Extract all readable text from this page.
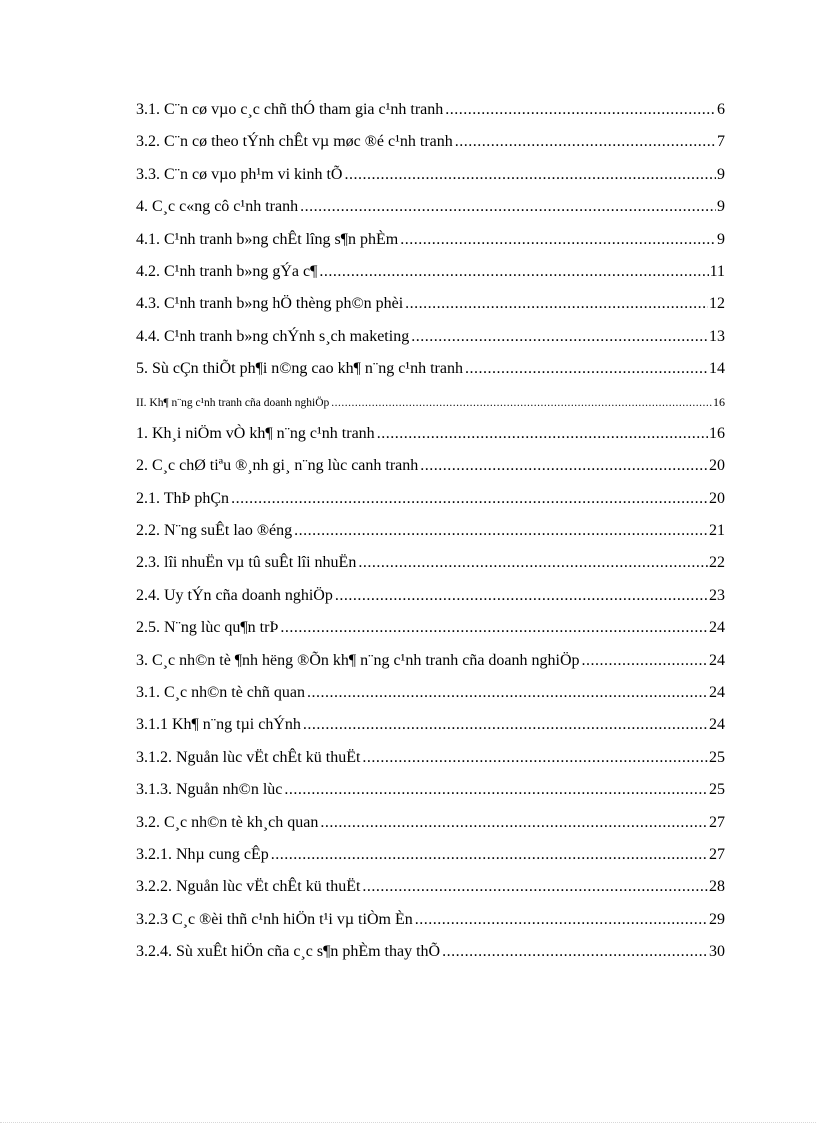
3.1. C¨n cø vµo c¸c chñ thÓ tham gia c¹nh tranh .....	6
3.2. C¨n cø theo tÝnh chÊt vµ møc ®é c¹nh tranh .....	7
3.3. C¨n cø vµo ph¹m vi kinh tÕ .....	9
4. C¸c c«ng cô c¹nh tranh .....	9
4.1. C¹nh tranh b»ng chÊt lîng s¶n phÈm .....	9
4.2. C¹nh tranh b»ng gÝa c¶ .....	11
4.3. C¹nh tranh b»ng hÖ thèng ph©n phèi .....	12
4.4. C¹nh tranh b»ng chÝnh s¸ch maketing .....	13
5. Sù cÇn thiÕt ph¶i n©ng cao kh¶ n¨ng c¹nh tranh .....	14
II. Kh¶ n¨ng c¹nh tranh cña doanh nghiÖp .....	16
1. Kh¸i niÖm vÒ kh¶ n¨ng c¹nh tranh .....	16
2. C¸c chØ tiªu ®¸nh gi¸ n¨ng lùc canh tranh .....	20
2.1. ThÞ phÇn .....	20
2.2. N¨ng suÊt lao ®éng .....	21
2.3. lîi nhuËn vµ tû suÊt lîi nhuËn .....	22
2.4. Uy tÝn cña doanh nghiÖp .....	23
2.5. N¨ng lùc qu¶n trÞ .....	24
3. C¸c nh©n tè ¶nh hëng ®Õn kh¶ n¨ng c¹nh tranh cña doanh nghiÖp .....	24
3.1. C¸c nh©n tè chñ quan .....	24
3.1.1 Kh¶ n¨ng tµi chÝnh .....	24
3.1.2. Nguån lùc vËt chÊt kü thuËt .....	25
3.1.3. Nguån nh©n lùc .....	25
3.2. C¸c nh©n tè kh¸ch quan .....	27
3.2.1. Nhµ cung cÊp .....	27
3.2.2. Nguån lùc vËt chÊt kü thuËt .....	28
3.2.3 C¸c ®èi thñ c¹nh hiÖn t¹i vµ tiÒm Èn .....	29
3.2.4. Sù xuÊt hiÖn cña c¸c s¶n phÈm thay thÕ .....	30
